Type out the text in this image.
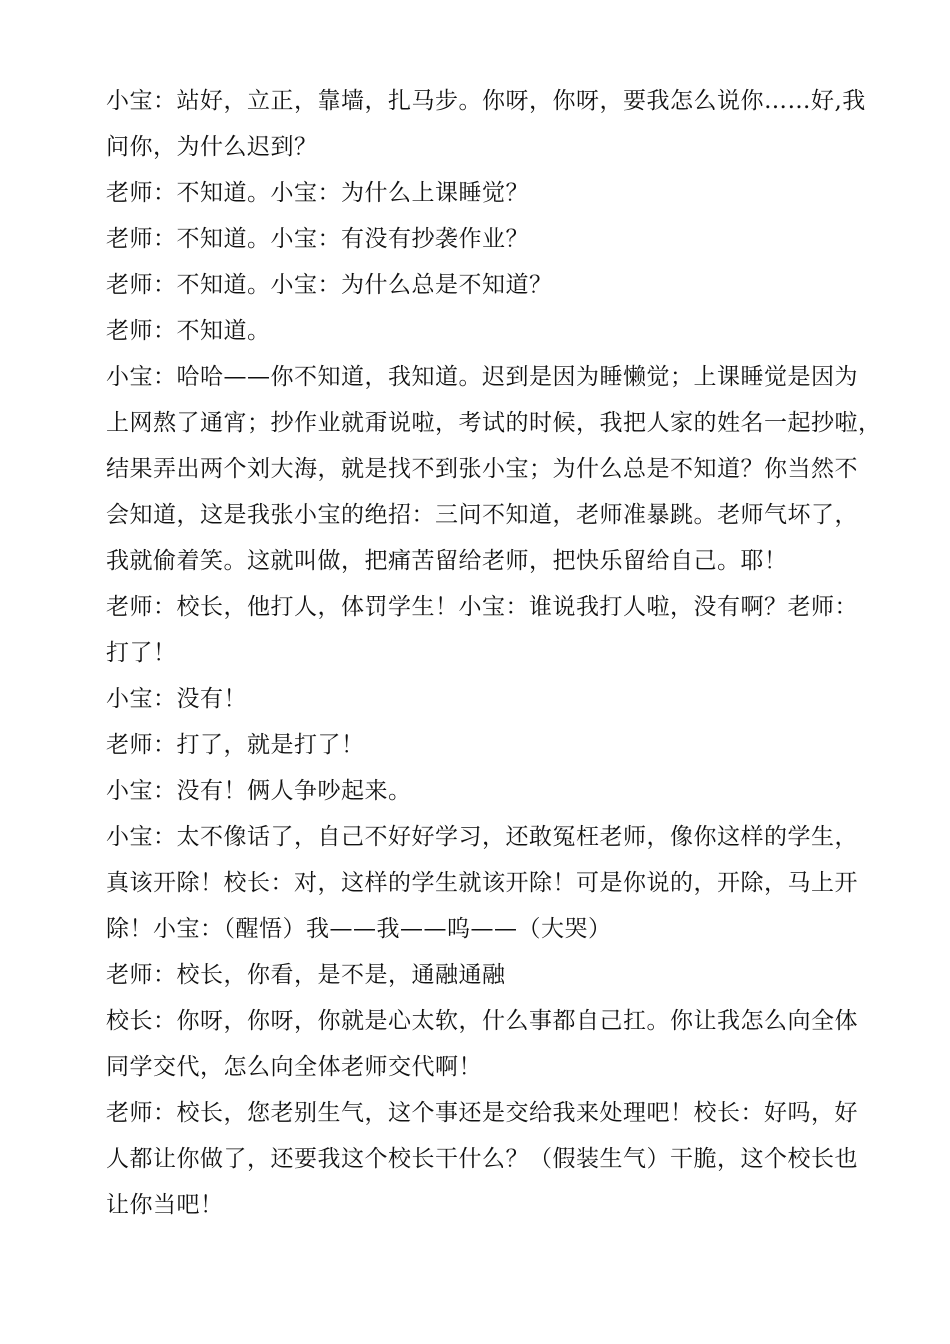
小宝：站好，立正，靠墙，扎马步。你呀，你呀，要我怎么说你……好,我
问你，为什么迟到？
老师：不知道。小宝：为什么上课睡觉？
老师：不知道。小宝：有没有抄袭作业？
老师：不知道。小宝：为什么总是不知道？
老师：不知道。
小宝：哈哈——你不知道，我知道。迟到是因为睡懒觉；上课睡觉是因为
上网熬了通宵；抄作业就甭说啦，考试的时候，我把人家的姓名一起抄啦，
结果弄出两个刘大海，就是找不到张小宝；为什么总是不知道？你当然不
会知道，这是我张小宝的绝招：三问不知道，老师准暴跳。老师气坏了，
我就偷着笑。这就叫做，把痛苦留给老师，把快乐留给自己。耶！
老师：校长，他打人，体罚学生！小宝：谁说我打人啦，没有啊？老师：
打了！
小宝：没有！
老师：打了，就是打了！
小宝：没有！俩人争吵起来。
小宝：太不像话了，自己不好好学习，还敢冤枉老师，像你这样的学生，
真该开除！校长：对，这样的学生就该开除！可是你说的，开除，马上开
除！小宝：（醒悟）我——我——呜——（大哭）
老师：校长，你看，是不是，通融通融
校长：你呀，你呀，你就是心太软，什么事都自己扛。你让我怎么向全体
同学交代，怎么向全体老师交代啊！
老师：校长，您老别生气，这个事还是交给我来处理吧！校长：好吗，好
人都让你做了，还要我这个校长干什么？（假装生气）干脆，这个校长也
让你当吧！
